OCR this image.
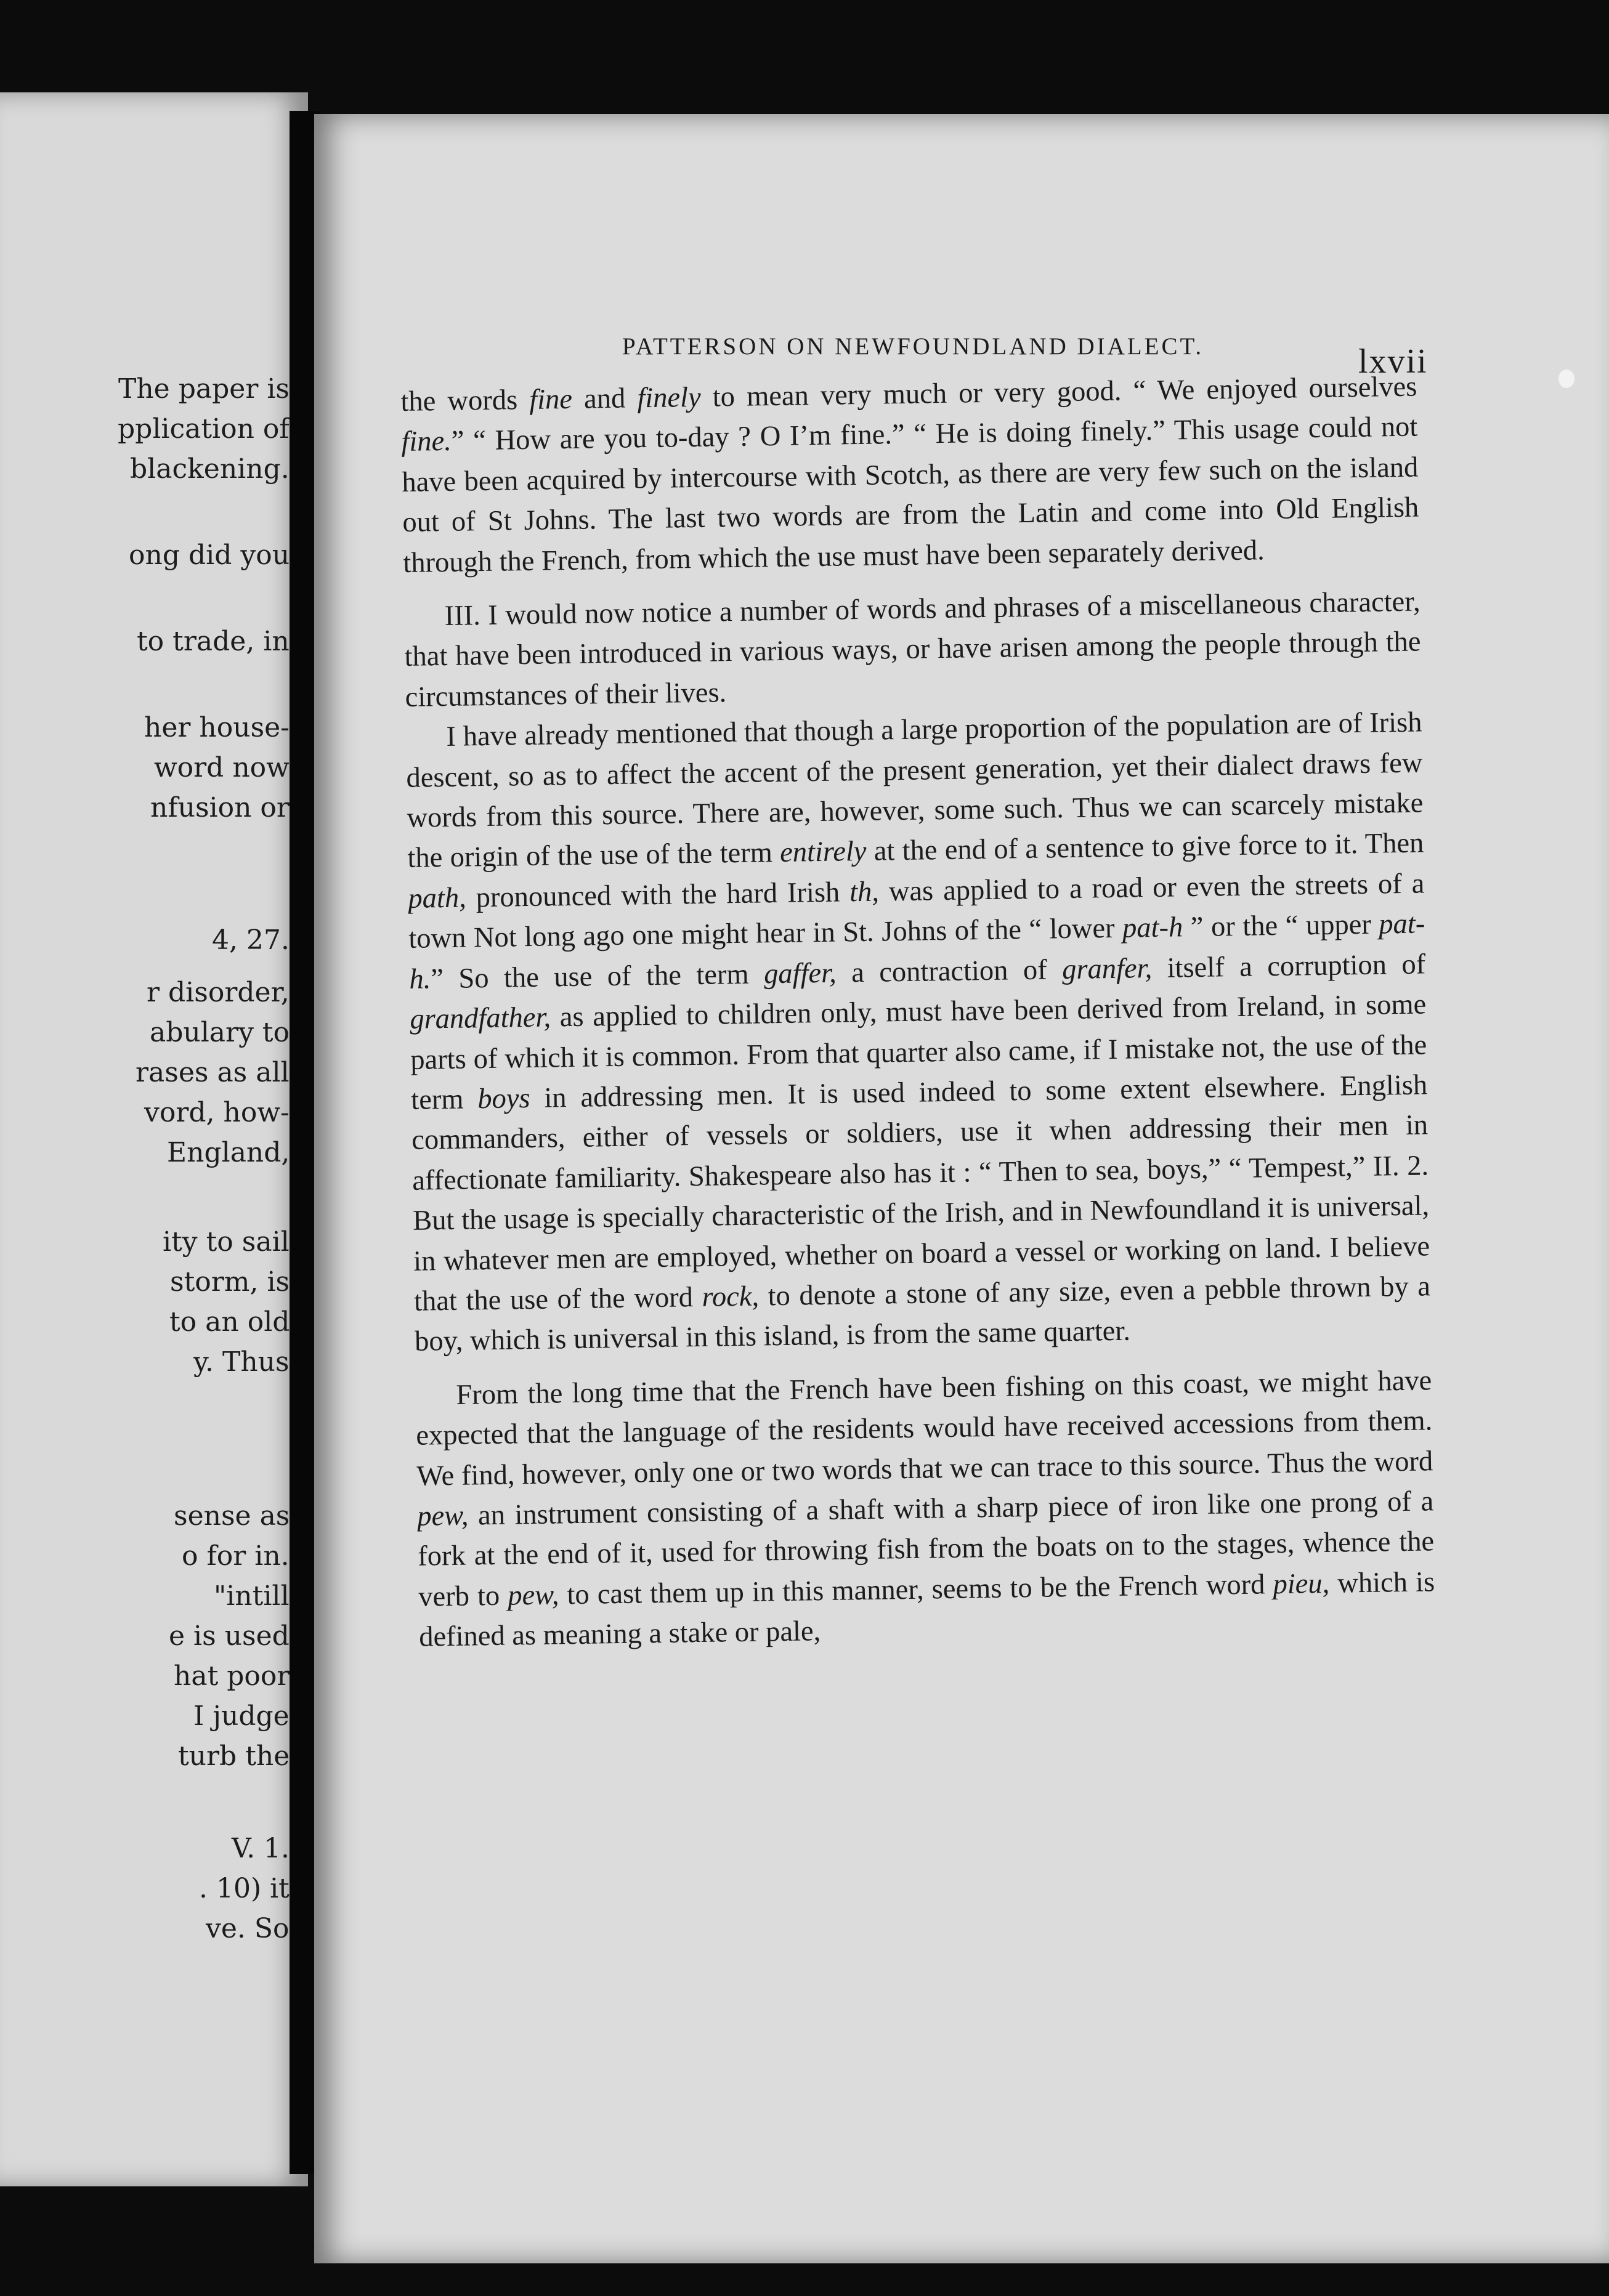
The paper is
pplication of
blackening.
ong did you
to trade, in
her house-
word now
nfusion or
4, 27.
r disorder,
abulary to
rases as all
vord, how-
England,
ity to sail
storm, is
to an old
y. Thus
sense as
o for in.
"intill
e is used
hat poor
I judge
turb the
V. 1.
. 10) it
ve. So
PATTERSON ON NEWFOUNDLAND DIALECT.	lxvii

the words fine and finely to mean very much or very good. “ We enjoyed ourselves fine.” “ How are you to-day ? O I’m fine.” “ He is doing finely.” This usage could not have been acquired by intercourse with Scotch, as there are very few such on the island out of St Johns. The last two words are from the Latin and come into Old English through the French, from which the use must have been separately derived.

III. I would now notice a number of words and phrases of a miscellaneous character, that have been introduced in various ways, or have arisen among the people through the circumstances of their lives.

I have already mentioned that though a large proportion of the population are of Irish descent, so as to affect the accent of the present generation, yet their dialect draws few words from this source. There are, however, some such. Thus we can scarcely mistake the origin of the use of the term entirely at the end of a sentence to give force to it. Then path, pronounced with the hard Irish th, was applied to a road or even the streets of a town Not long ago one might hear in St. Johns of the “ lower pat-h ” or the “ upper pat-h.” So the use of the term gaffer, a contraction of granfer, itself a corruption of grandfather, as applied to children only, must have been derived from Ireland, in some parts of which it is common. From that quarter also came, if I mistake not, the use of the term boys in addressing men. It is used indeed to some extent elsewhere. English commanders, either of vessels or soldiers, use it when addressing their men in affectionate familiarity. Shakespeare also has it : “ Then to sea, boys,” “ Tempest,” II. 2. But the usage is specially characteristic of the Irish, and in Newfoundland it is universal, in whatever men are employed, whether on board a vessel or working on land. I believe that the use of the word rock, to denote a stone of any size, even a pebble thrown by a boy, which is universal in this island, is from the same quarter.

From the long time that the French have been fishing on this coast, we might have expected that the language of the residents would have received accessions from them. We find, however, only one or two words that we can trace to this source. Thus the word pew, an instrument consisting of a shaft with a sharp piece of iron like one prong of a fork at the end of it, used for throwing fish from the boats on to the stages, whence the verb to pew, to cast them up in this manner, seems to be the French word pieu, which is defined as meaning a stake or pale,
